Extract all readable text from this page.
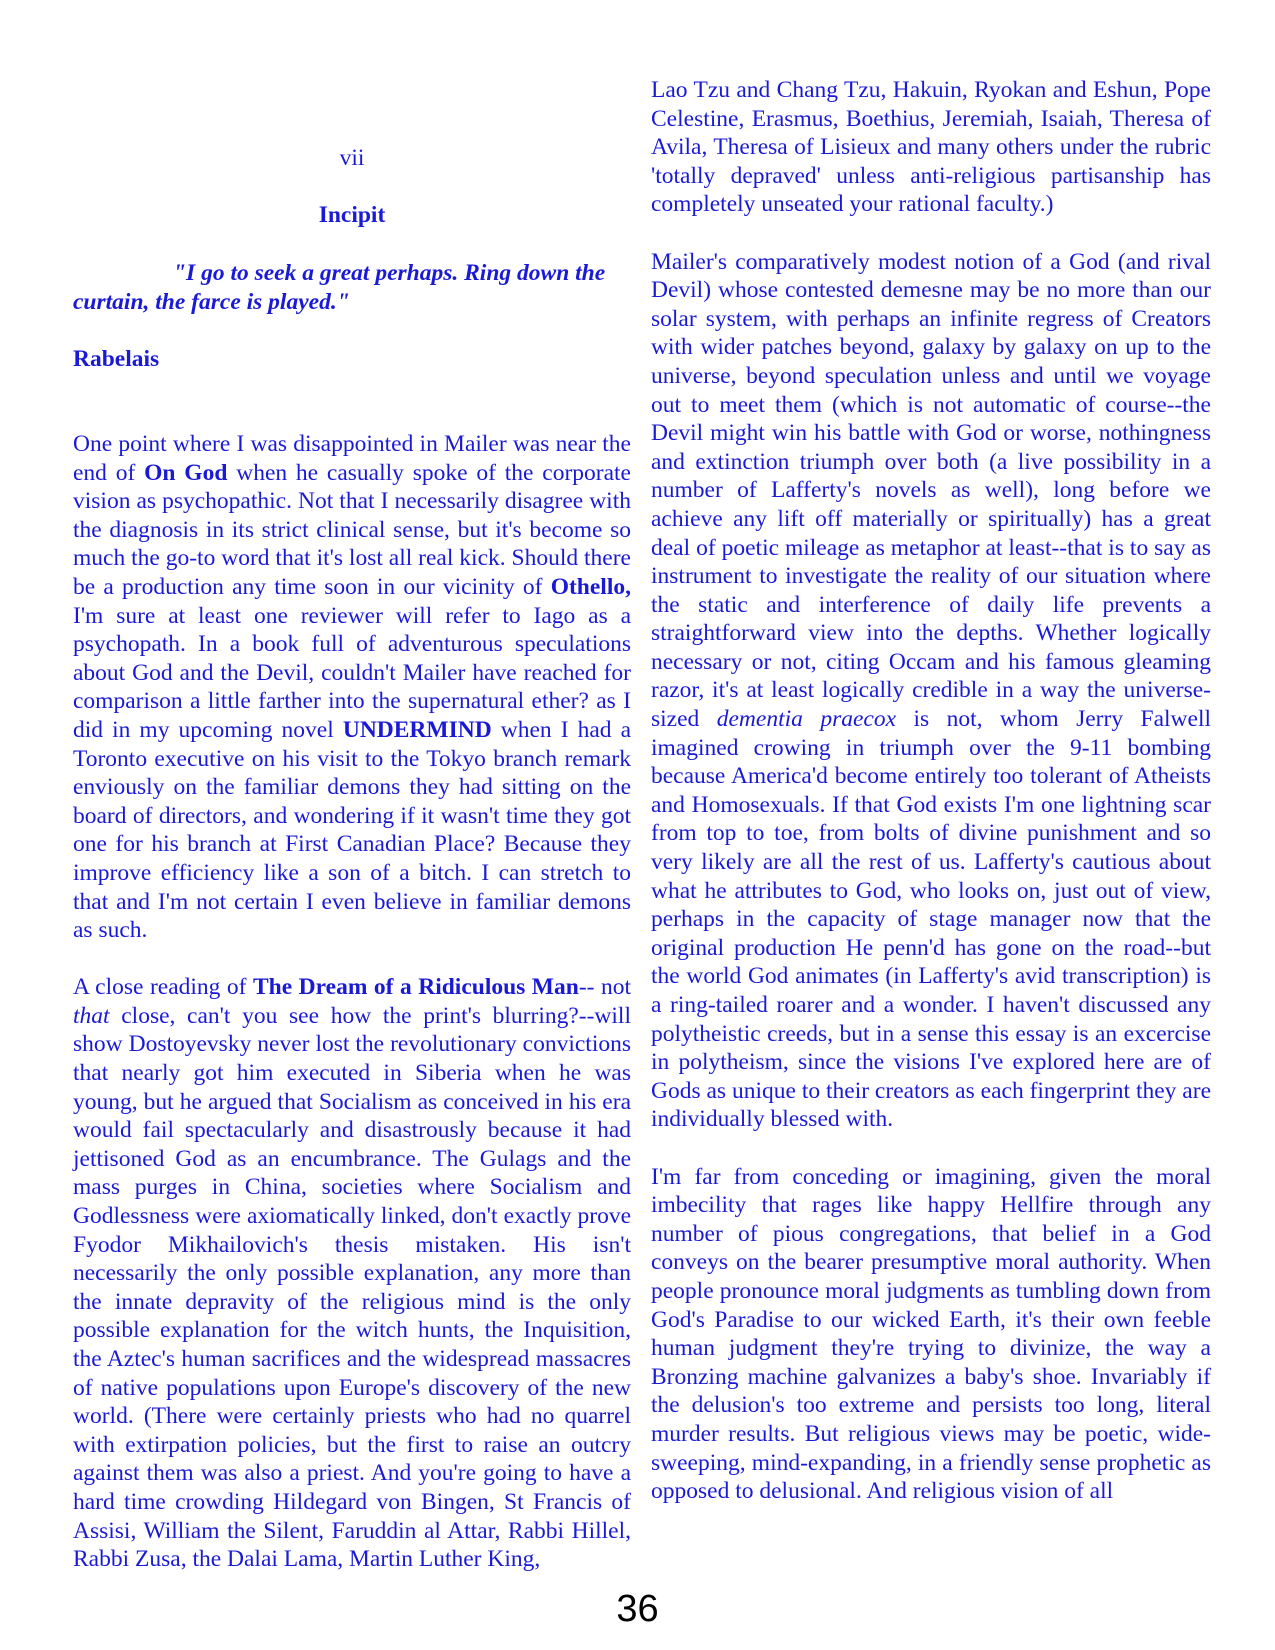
vii
Incipit

"I go to seek a great perhaps. Ring down the curtain, the farce is played."

Rabelais

One point where I was disappointed in Mailer was near the end of On God when he casually spoke of the corporate vision as psychopathic. Not that I necessarily disagree with the diagnosis in its strict clinical sense, but it's become so much the go-to word that it's lost all real kick. Should there be a production any time soon in our vicinity of Othello, I'm sure at least one reviewer will refer to Iago as a psychopath. In a book full of adventurous speculations about God and the Devil, couldn't Mailer have reached for comparison a little farther into the supernatural ether? as I did in my upcoming novel UNDERMIND when I had a Toronto executive on his visit to the Tokyo branch remark enviously on the familiar demons they had sitting on the board of directors, and wondering if it wasn't time they got one for his branch at First Canadian Place? Because they improve efficiency like a son of a bitch. I can stretch to that and I'm not certain I even believe in familiar demons as such.

A close reading of The Dream of a Ridiculous Man-- not that close, can't you see how the print's blurring?--will show Dostoyevsky never lost the revolutionary convictions that nearly got him executed in Siberia when he was young, but he argued that Socialism as conceived in his era would fail spectacularly and disastrously because it had jettisoned God as an encumbrance. The Gulags and the mass purges in China, societies where Socialism and Godlessness were axiomatically linked, don't exactly prove Fyodor Mikhailovich's thesis mistaken. His isn't necessarily the only possible explanation, any more than the innate depravity of the religious mind is the only possible explanation for the witch hunts, the Inquisition, the Aztec's human sacrifices and the widespread massacres of native populations upon Europe's discovery of the new world. (There were certainly priests who had no quarrel with extirpation policies, but the first to raise an outcry against them was also a priest. And you're going to have a hard time crowding Hildegard von Bingen, St Francis of Assisi, William the Silent, Faruddin al Attar, Rabbi Hillel, Rabbi Zusa, the Dalai Lama, Martin Luther King,

Lao Tzu and Chang Tzu, Hakuin, Ryokan and Eshun, Pope Celestine, Erasmus, Boethius, Jeremiah, Isaiah, Theresa of Avila, Theresa of Lisieux and many others under the rubric 'totally depraved' unless anti-religious partisanship has completely unseated your rational faculty.)

Mailer's comparatively modest notion of a God (and rival Devil) whose contested demesne may be no more than our solar system, with perhaps an infinite regress of Creators with wider patches beyond, galaxy by galaxy on up to the universe, beyond speculation unless and until we voyage out to meet them (which is not automatic of course--the Devil might win his battle with God or worse, nothingness and extinction triumph over both (a live possibility in a number of Lafferty's novels as well), long before we achieve any lift off materially or spiritually) has a great deal of poetic mileage as metaphor at least--that is to say as instrument to investigate the reality of our situation where the static and interference of daily life prevents a straightforward view into the depths. Whether logically necessary or not, citing Occam and his famous gleaming razor, it's at least logically credible in a way the universe-sized dementia praecox is not, whom Jerry Falwell imagined crowing in triumph over the 9-11 bombing because America'd become entirely too tolerant of Atheists and Homosexuals. If that God exists I'm one lightning scar from top to toe, from bolts of divine punishment and so very likely are all the rest of us. Lafferty's cautious about what he attributes to God, who looks on, just out of view, perhaps in the capacity of stage manager now that the original production He penn'd has gone on the road--but the world God animates (in Lafferty's avid transcription) is a ring-tailed roarer and a wonder. I haven't discussed any polytheistic creeds, but in a sense this essay is an excercise in polytheism, since the visions I've explored here are of Gods as unique to their creators as each fingerprint they are individually blessed with.

I'm far from conceding or imagining, given the moral imbecility that rages like happy Hellfire through any number of pious congregations, that belief in a God conveys on the bearer presumptive moral authority. When people pronounce moral judgments as tumbling down from God's Paradise to our wicked Earth, it's their own feeble human judgment they're trying to divinize, the way a Bronzing machine galvanizes a baby's shoe. Invariably if the delusion's too extreme and persists too long, literal murder results. But religious views may be poetic, wide-sweeping, mind-expanding, in a friendly sense prophetic as opposed to delusional. And religious vision of all

36
